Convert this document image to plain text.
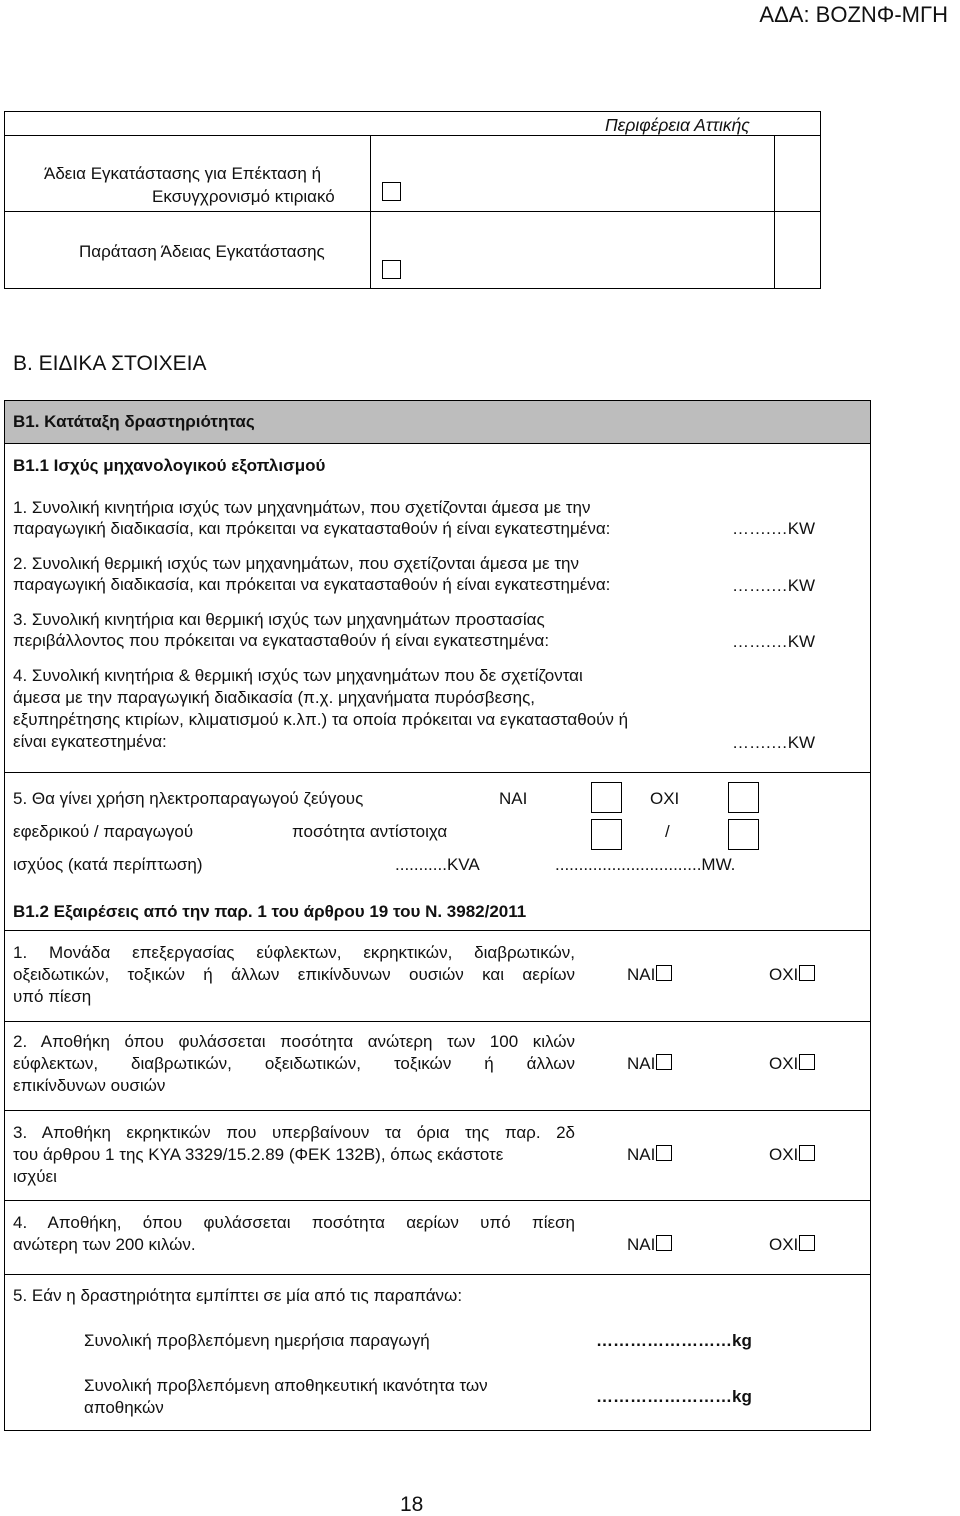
ΑΔΑ: ΒΟΖΝΦ-ΜΓΗ
Περιφέρεια Αττικής
Άδεια Εγκατάστασης για Επέκταση ή
Εκσυγχρονισμό κτιριακό
Παράταση Άδειας Εγκατάστασης
Β. ΕΙΔΙΚΑ ΣΤΟΙΧΕΙΑ
Β1. Κατάταξη δραστηριότητας
Β1.1 Ισχύς μηχανολογικού εξοπλισμού
1. Συνολική κινητήρια ισχύς των μηχανημάτων, που σχετίζονται άμεσα με την
παραγωγική διαδικασία, και πρόκειται να εγκατασταθούν ή είναι εγκατεστημένα:	…….…KW
2. Συνολική θερμική ισχύς των μηχανημάτων, που σχετίζονται άμεσα με την
παραγωγική διαδικασία, και πρόκειται να εγκατασταθούν ή είναι εγκατεστημένα:	…….…KW
3. Συνολική κινητήρια και θερμική ισχύς των μηχανημάτων προστασίας
περιβάλλοντος που πρόκειται να εγκατασταθούν ή είναι εγκατεστημένα:	…….…KW
4. Συνολική κινητήρια & θερμική ισχύς των μηχανημάτων που δε σχετίζονται
άμεσα με την παραγωγική διαδικασία (π.χ. μηχανήματα πυρόσβεσης,
εξυπηρέτησης κτιρίων, κλιματισμού κ.λπ.) τα οποία πρόκειται να εγκατασταθούν ή
είναι εγκατεστημένα:	…….…KW
5. Θα γίνει χρήση ηλεκτροπαραγωγού ζεύγους	ΝΑΙ	ΟΧΙ
εφεδρικού / παραγωγού	ποσότητα αντίστοιχα	/
ισχύος (κατά περίπτωση)	...........KVA	...............................MW.
Β1.2 Εξαιρέσεις από την παρ. 1 του άρθρου 19 του Ν. 3982/2011
1. Μονάδα επεξεργασίας εύφλεκτων, εκρηκτικών, διαβρωτικών,
οξειδωτικών, τοξικών ή άλλων επικίνδυνων ουσιών και αερίων
υπό πίεση
ΝΑΙ	ΟΧΙ
2. Αποθήκη όπου φυλάσσεται ποσότητα ανώτερη των 100 κιλών
εύφλεκτων, διαβρωτικών, οξειδωτικών, τοξικών ή άλλων
επικίνδυνων ουσιών
ΝΑΙ	ΟΧΙ
3. Αποθήκη εκρηκτικών που υπερβαίνουν τα όρια της παρ. 2δ
του άρθρου 1 της ΚΥΑ 3329/15.2.89 (ΦΕΚ 132Β), όπως εκάστοτε
ισχύει
ΝΑΙ	ΟΧΙ
4. Αποθήκη, όπου φυλάσσεται ποσότητα αερίων υπό πίεση
ανώτερη των 200 κιλών.	ΝΑΙ	ΟΧΙ
5. Εάν η δραστηριότητα εμπίπτει σε μία από τις παραπάνω:
Συνολική προβλεπόμενη ημερήσια παραγωγή	……………………kg
Συνολική προβλεπόμενη αποθηκευτική ικανότητα των
αποθηκών
……………………kg
18
